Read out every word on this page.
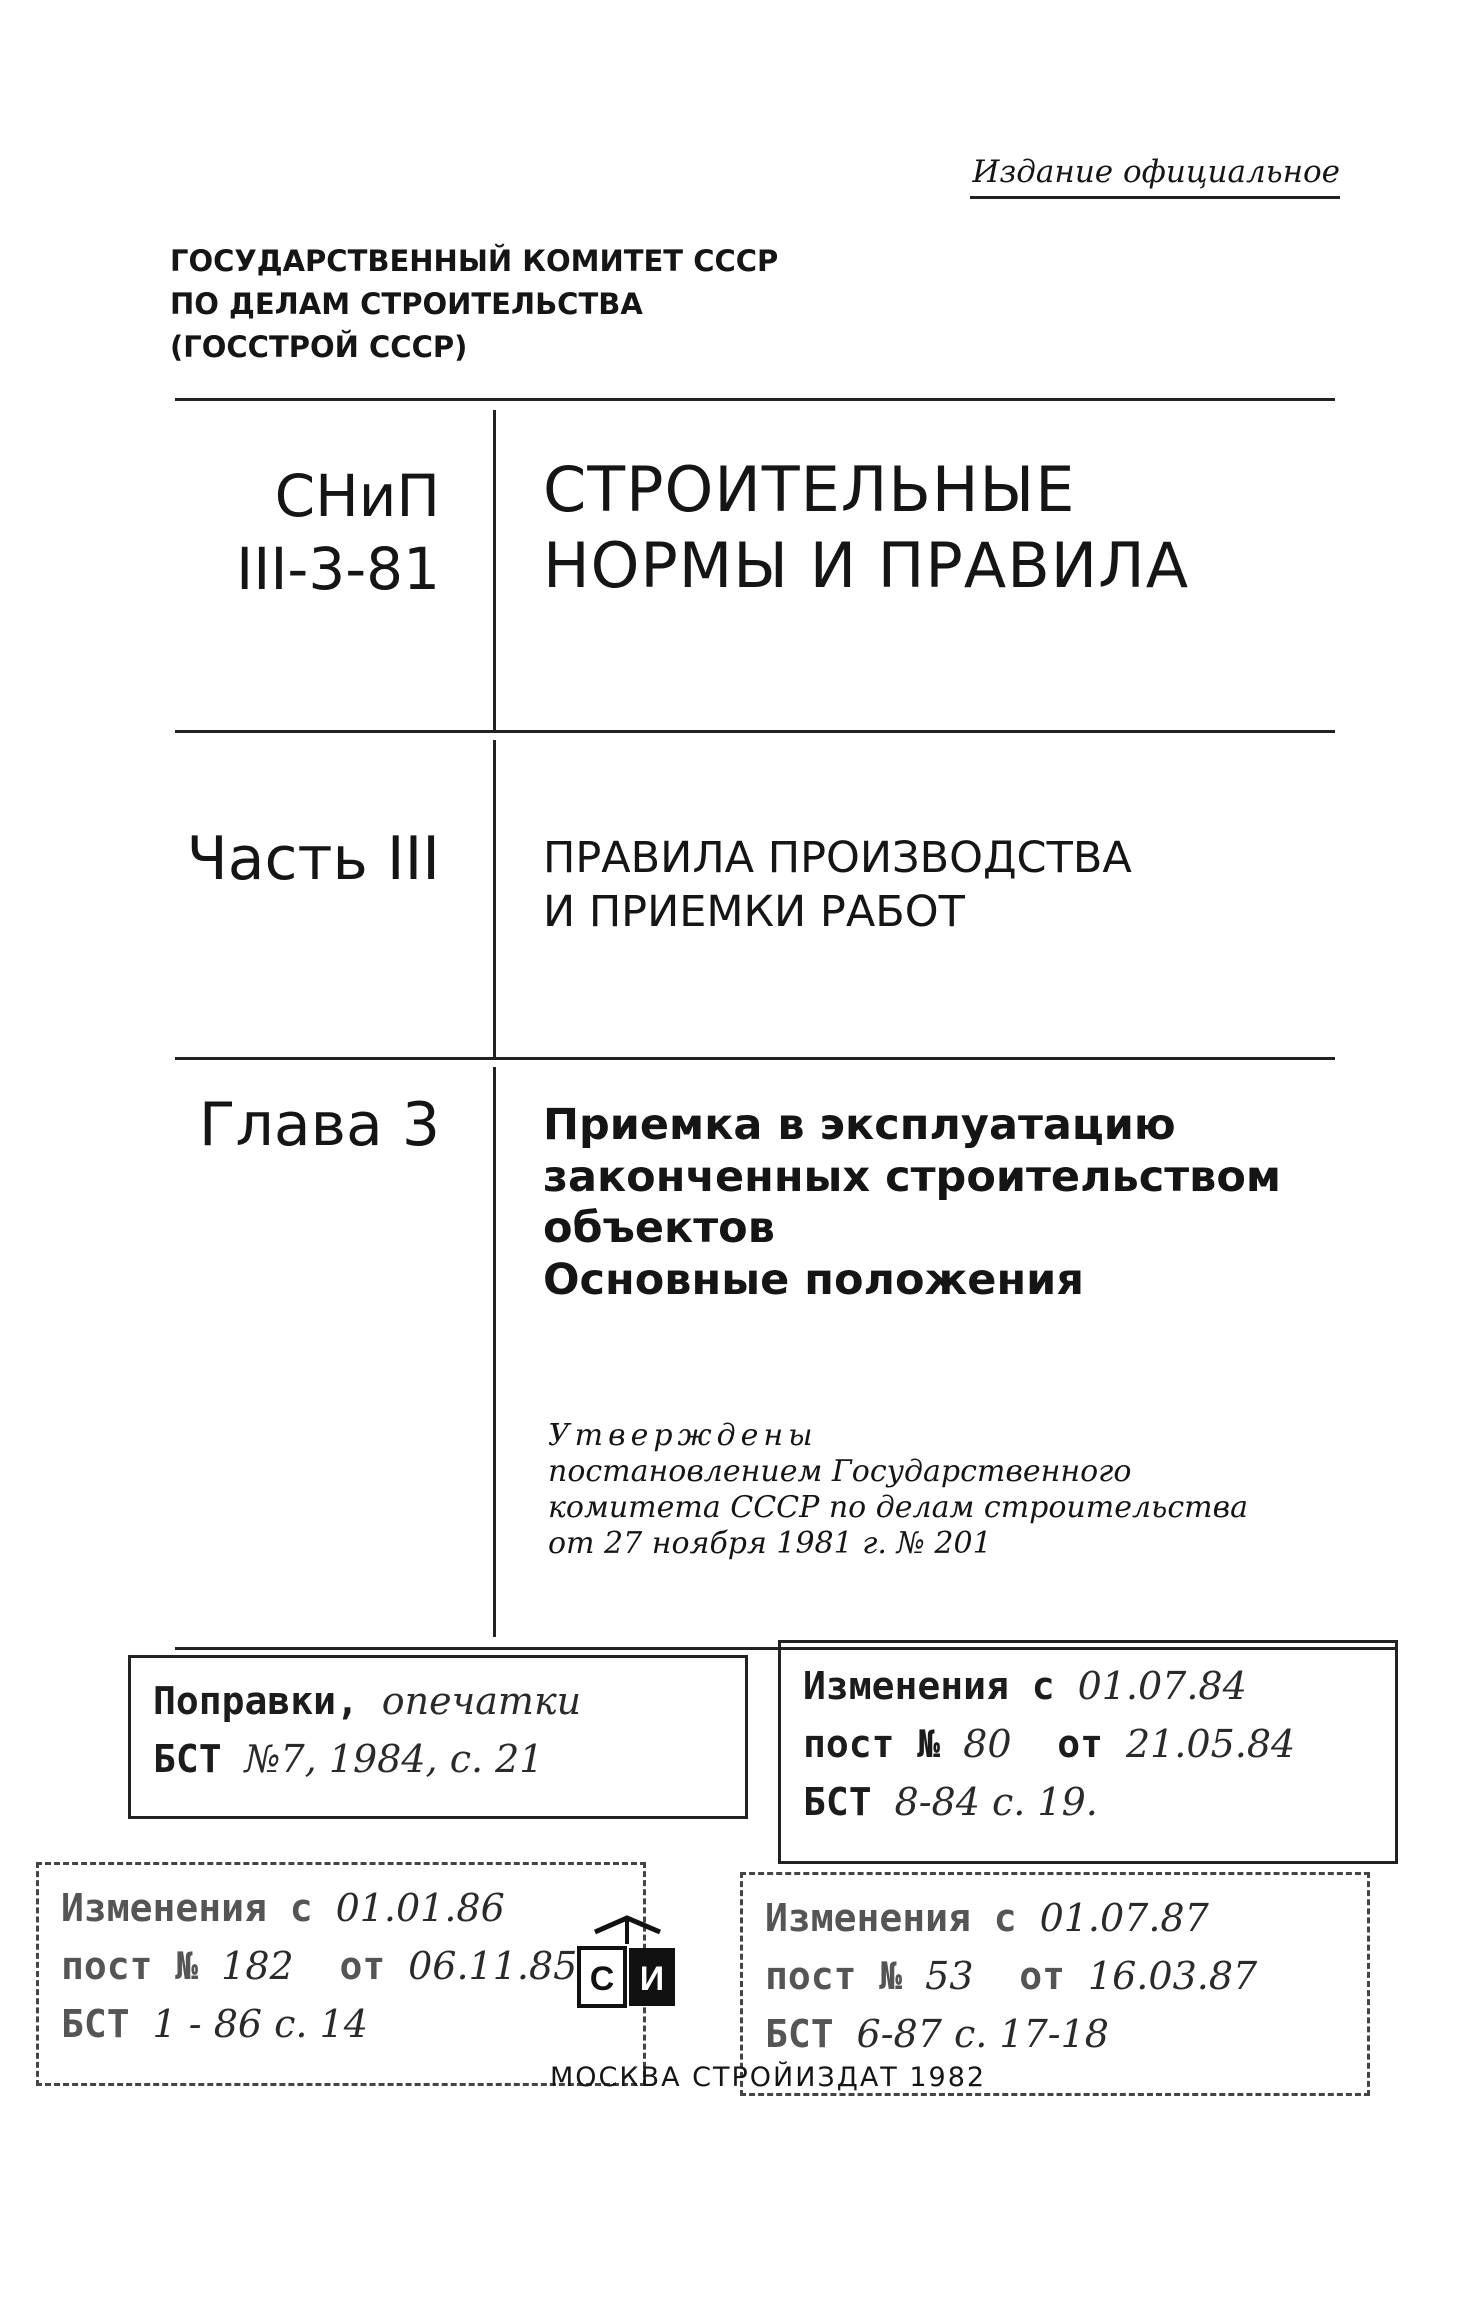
Издание официальное
ГОСУДАРСТВЕННЫЙ КОМИТЕТ СССР
ПО ДЕЛАМ СТРОИТЕЛЬСТВА
(ГОССТРОЙ СССР)
СНиП
III-3-81
СТРОИТЕЛЬНЫЕ
НОРМЫ И ПРАВИЛА
Часть III ПРАВИЛА ПРОИЗВОДСТВА
И ПРИЕМКИ РАБОТ
Глава 3 Приемка в эксплуатацию
законченных строительством
объектов
Основные положения
Утверждены
постановлением Государственного
комитета СССР по делам строительства
от 27 ноября 1981 г. № 201
Поправки, опечатки
БСТ №7, 1984, с. 21
Изменения с 01.07.84
пост № 80 от 21.05.84
БСТ 8-84 с. 19.
Изменения с 01.01.86
пост № 182 от 06.11.85
БСТ 1 - 86 с. 14
Изменения с 01.07.87
пост № 53 от 16.03.87
БСТ 6-87 с. 17-18
С И
МОСКВА СТРОЙИЗДАТ 1982
